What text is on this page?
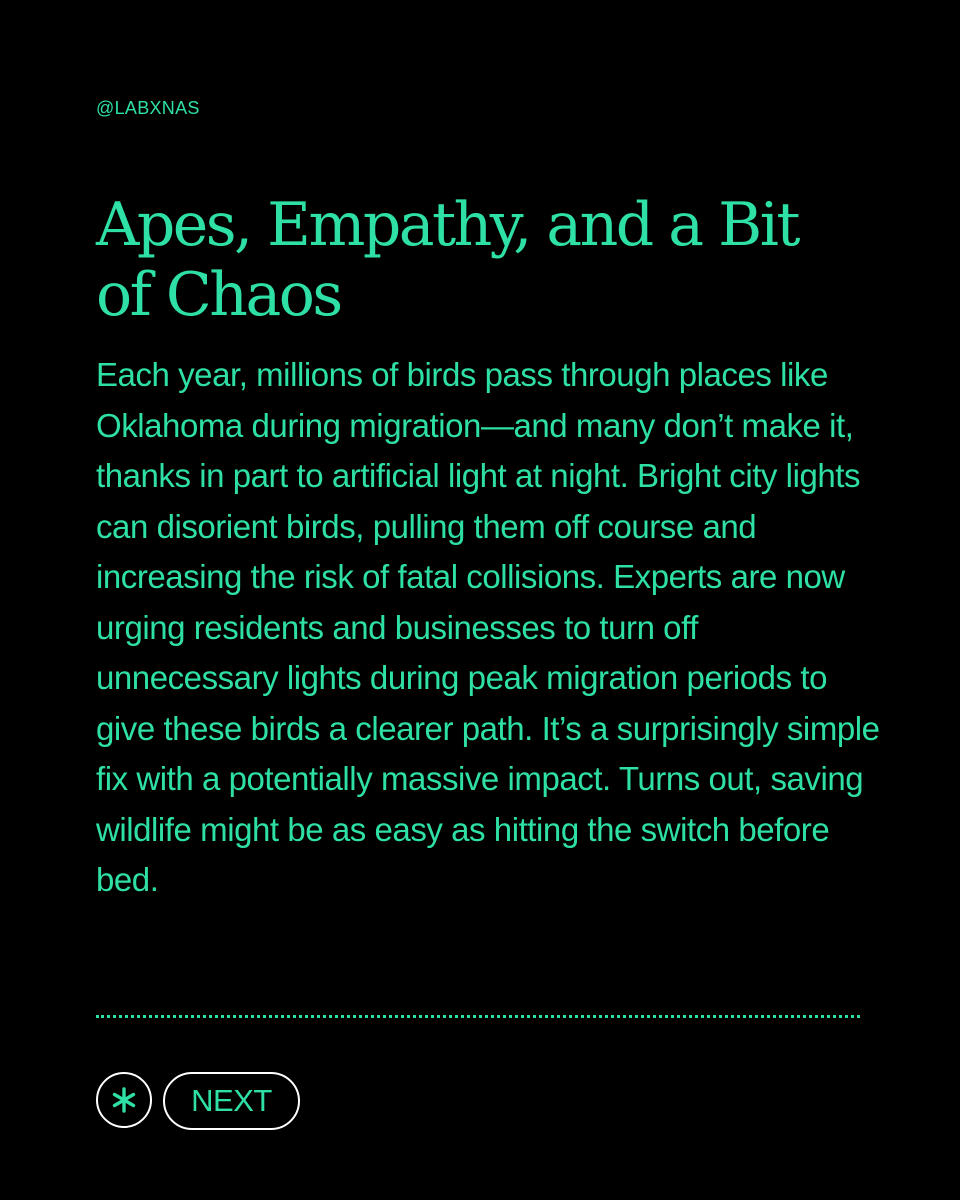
@LABXNAS
Apes, Empathy, and a Bit of Chaos

Each year, millions of birds pass through places like Oklahoma during migration—and many don’t make it, thanks in part to artificial light at night. Bright city lights can disorient birds, pulling them off course and increasing the risk of fatal collisions. Experts are now urging residents and businesses to turn off unnecessary lights during peak migration periods to give these birds a clearer path. It’s a surprisingly simple fix with a potentially massive impact. Turns out, saving wildlife might be as easy as hitting the switch before bed.

NEXT
